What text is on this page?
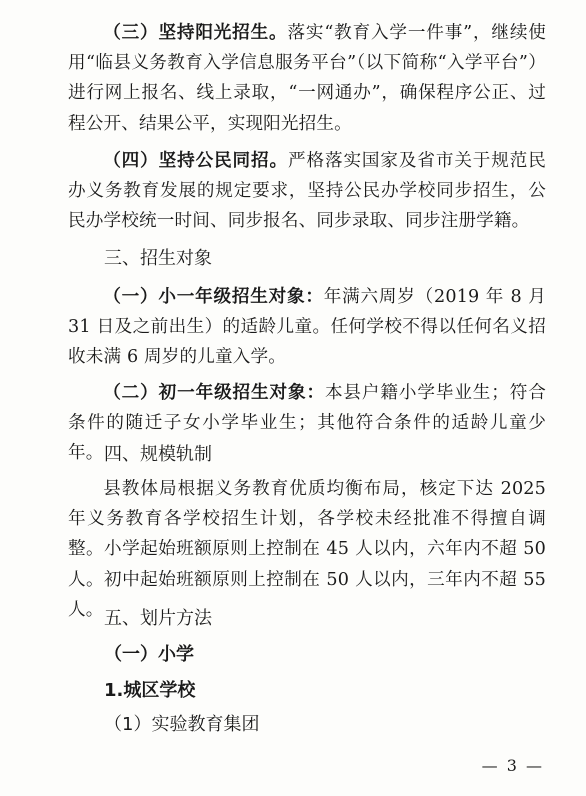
（三）坚持阳光招生。落实“教育入学一件事”，继续使用“临县义务教育入学信息服务平台”（以下简称“入学平台”）进行网上报名、线上录取，“一网通办”，确保程序公正、过程公开、结果公平，实现阳光招生。

（四）坚持公民同招。严格落实国家及省市关于规范民办义务教育发展的规定要求，坚持公民办学校同步招生，公民办学校统一时间、同步报名、同步录取、同步注册学籍。

三、招生对象

（一）小一年级招生对象：年满六周岁（2019 年 8 月 31 日及之前出生）的适龄儿童。任何学校不得以任何名义招收未满 6 周岁的儿童入学。

（二）初一年级招生对象：本县户籍小学毕业生；符合条件的随迁子女小学毕业生；其他符合条件的适龄儿童少年。 四、规模轨制

县教体局根据义务教育优质均衡布局，核定下达 2025 年义务教育各学校招生计划，各学校未经批准不得擅自调整。小学起始班额原则上控制在 45 人以内，六年内不超 50 人。初中起始班额原则上控制在 50 人以内，三年内不超 55 人。 五、划片方法

（一）小学

1.城区学校

（1）实验教育集团

— 3 —
